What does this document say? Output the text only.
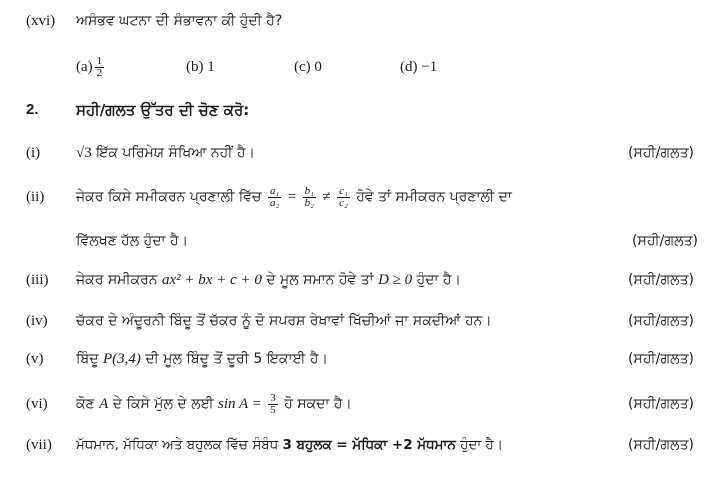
(xvi) ਅਸੰਭਵ ਘਟਨਾ ਦੀ ਸੰਭਾਵਨਾ ਕੀ ਹੁੰਦੀ ਹੈ?
$(a) \frac{1}{2}$	(b) 1	(c) 0	(d) −1
2. ਸਹੀ/ਗਲਤ ਉੱਤਰ ਦੀ ਚੋਣ ਕਰੋ:
(i) √3 ਇੱਕ ਪਰਿਮੇਯ ਸੰਖਿਆ ਨਹੀਂ ਹੈ।	(ਸਹੀ/ਗਲਤ)
(ii) ਜੇਕਰ ਕਿਸੇ ਸਮੀਕਰਨ ਪ੍ਰਣਾਲੀ ਵਿੱਚ $\frac{\text{a₁}}{\text{a₂}} = \frac{\text{b₁}}{\text{b₂}} \ne \frac{\text{c₁}}{\text{c₂}}$ ਹੋਵੇ ਤਾਂ ਸਮੀਕਰਨ ਪ੍ਰਣਾਲੀ ਦਾ
ਵਿੱਲਖਣ ਹੱਲ ਹੁੰਦਾ ਹੈ।	(ਸਹੀ/ਗਲਤ)
(iii) ਜੇਕਰ ਸਮੀਕਰਨ ax² + bx + c + 0 ਦੇ ਮੂਲ ਸਮਾਨ ਹੋਵੇ ਤਾਂ D ≥ 0 ਹੁੰਦਾ ਹੈ।	(ਸਹੀ/ਗਲਤ)
(iv) ਚੱਕਰ ਦੇ ਅੰਦੂਰਨੀ ਬਿੰਦੂ ਤੋਂ ਚੱਕਰ ਨੂੰ ਦੋ ਸਪਰਸ਼ ਰੇਖਾਵਾਂ ਖਿੱਚੀਆਂ ਜਾ ਸਕਦੀਆਂ ਹਨ।	(ਸਹੀ/ਗਲਤ)
(v) ਬਿੰਦੂ P(3,4) ਦੀ ਮੂਲ ਬਿੰਦੂ ਤੋਂ ਦੂਰੀ 5 ਇਕਾਈ ਹੈ।	(ਸਹੀ/ਗਲਤ)
(vi) ਕੋਣ A ਦੇ ਕਿਸੇ ਮੁੱਲ ਦੇ ਲਈ $\sin A = \frac{3}{5}$ ਹੋ ਸਕਦਾ ਹੈ।	(ਸਹੀ/ਗਲਤ)
(vii) ਮੱਧਮਾਨ, ਮੱਧਿਕਾ ਅਤੇ ਬਹੁਲਕ ਵਿੱਚ ਸੰਬੰਧ 3 ਬਹੁਲਕ = ਮੱਧਿਕਾ +2 ਮੱਧਮਾਨ ਹੁੰਦਾ ਹੈ।	(ਸਹੀ/ਗਲਤ)
